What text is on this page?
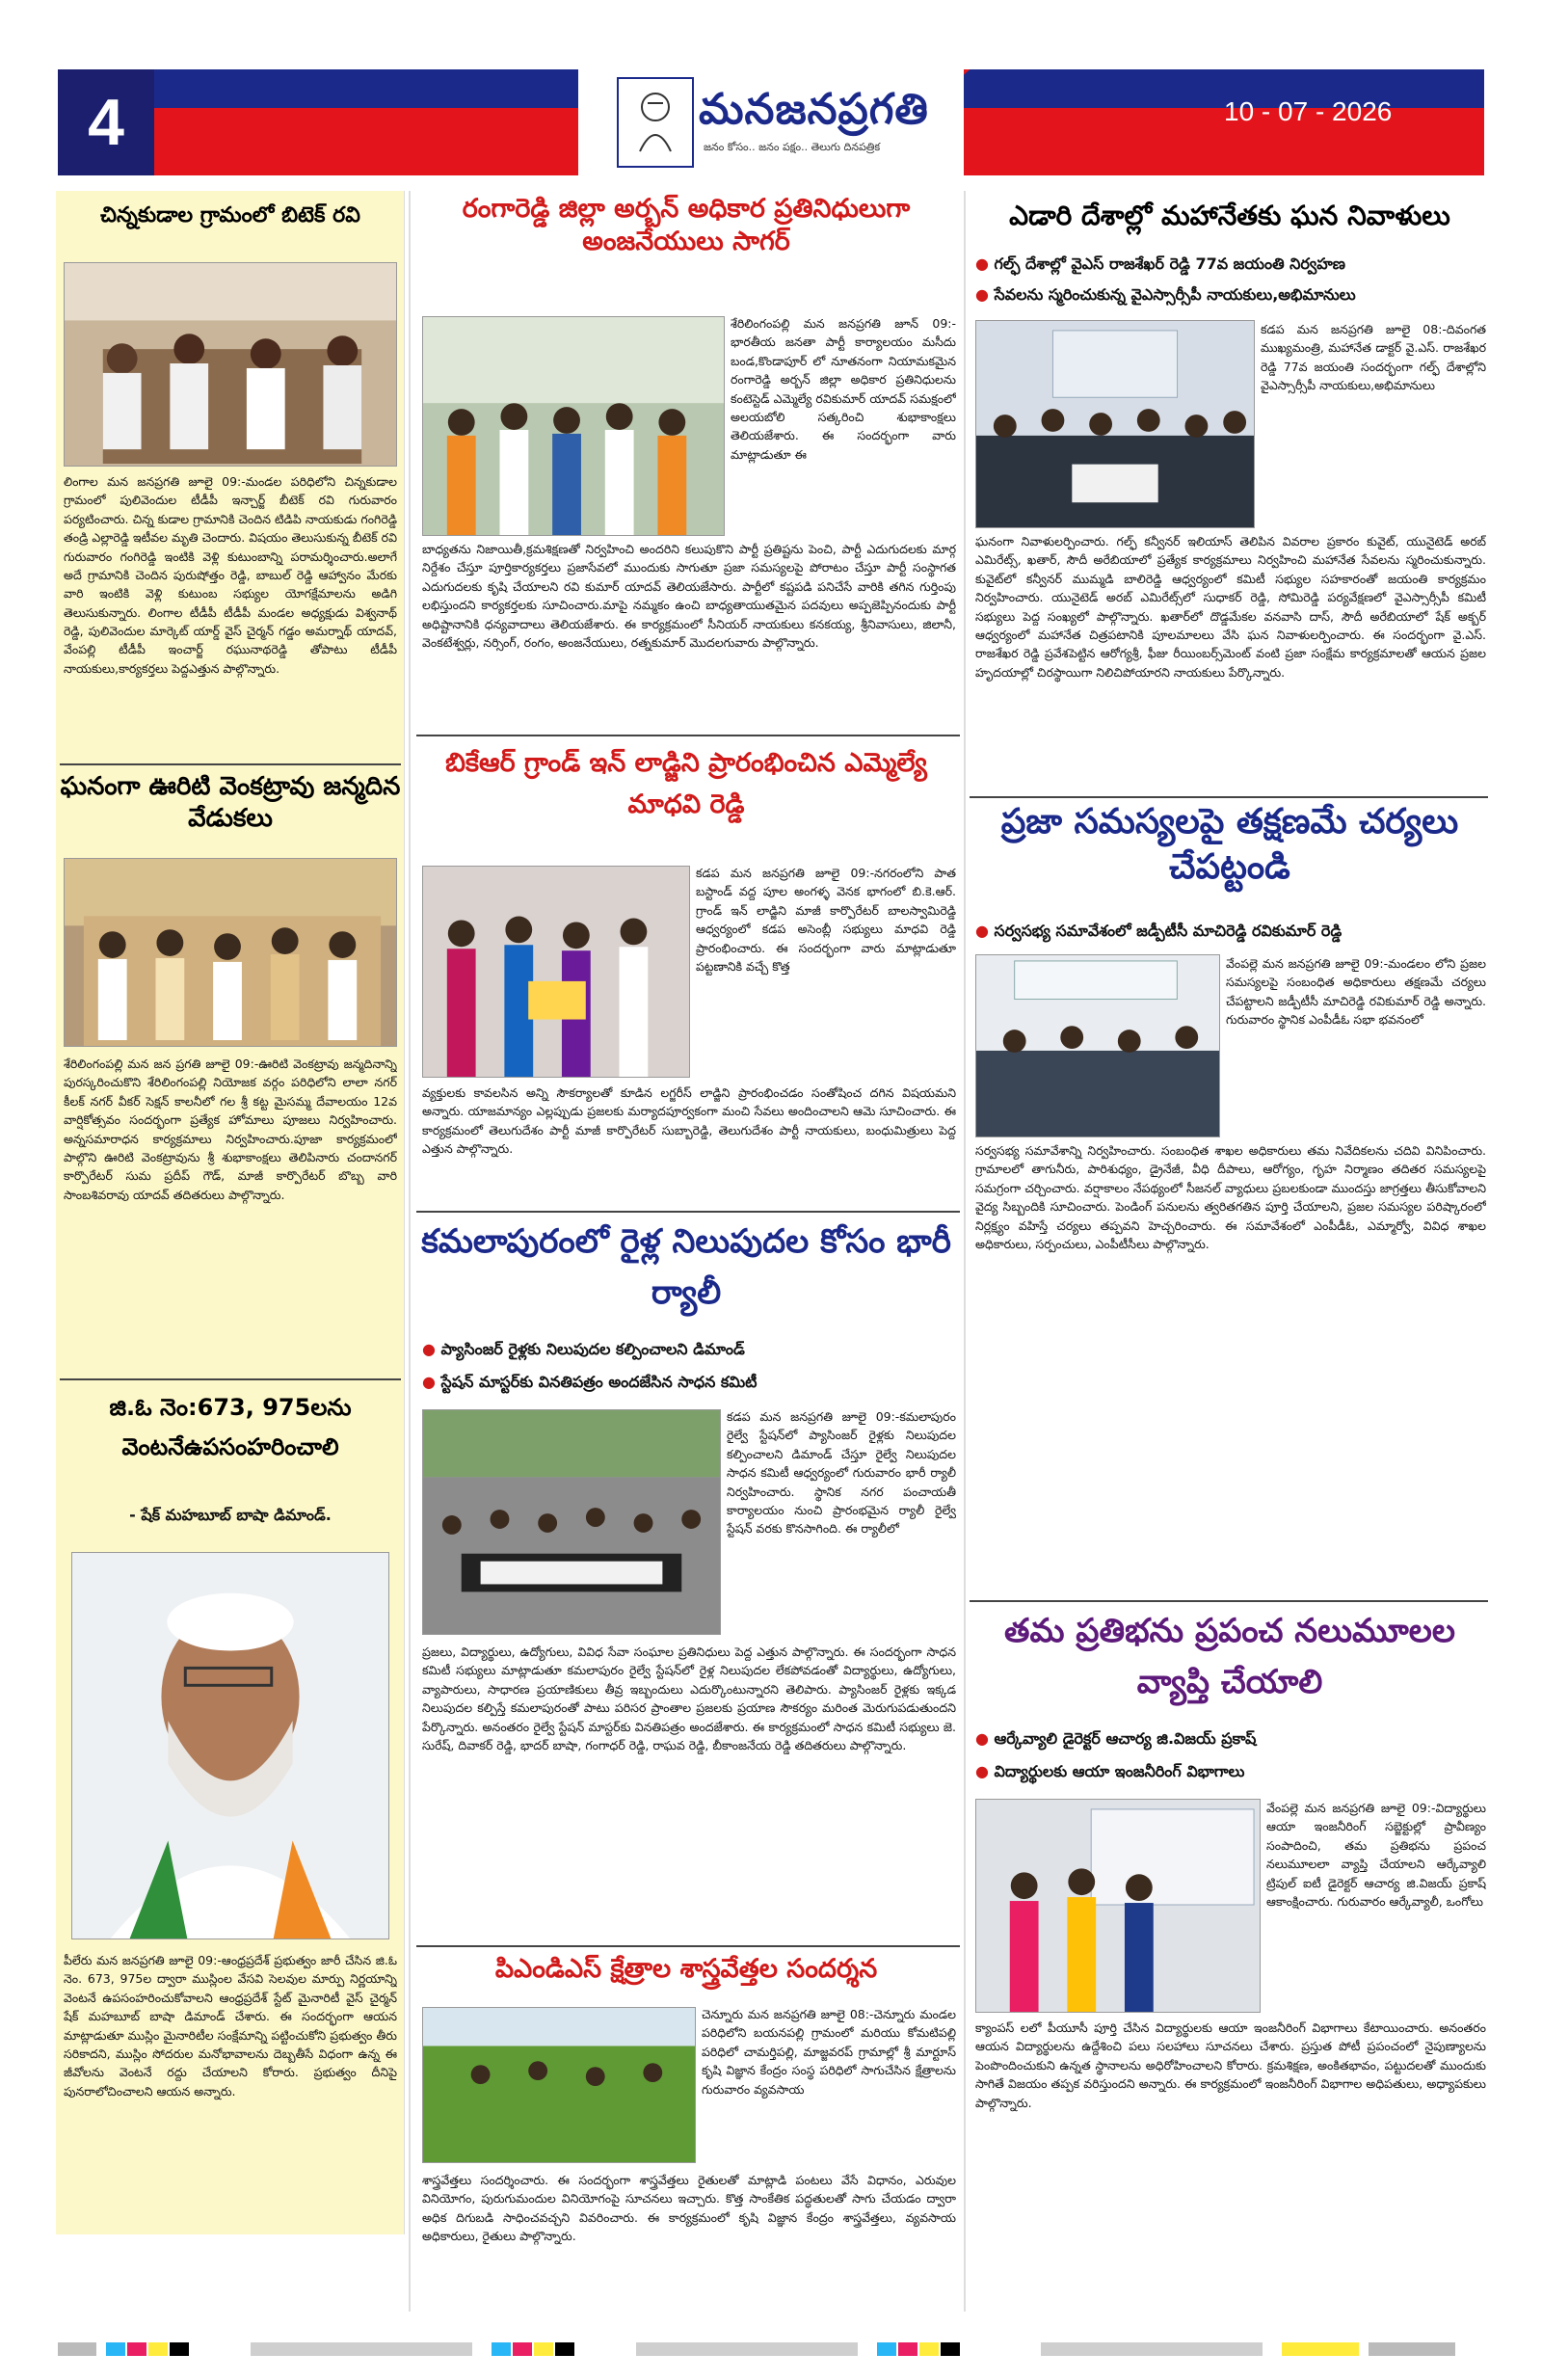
4	మనజనప్రగతి
జనం కోసం.. జనం పక్షం.. తెలుగు దినపత్రిక
10 - 07 - 2026
చిన్నకుడాల గ్రామంలో బిటెక్ రవి
లింగాల మన జనప్రగతి జూలై 09:-మండల పరిధిలోని చిన్నకుడాల గ్రామంలో పులివెందుల టీడీపీ ఇన్చార్జ్ బీటెక్ రవి గురువారం పర్యటించారు. చిన్న కుడాల గ్రామానికి చెందిన టిడిపి నాయకుడు గంగిరెడ్డి తండ్రి ఎల్లారెడ్డి ఇటీవల మృతి చెందారు. విషయం తెలుసుకున్న బీటెక్ రవి గురువారం గంగిరెడ్డి ఇంటికి వెళ్లి కుటుంబాన్ని పరామర్శించారు.అలాగే అదే గ్రామానికి చెందిన పురుషోత్తం రెడ్డి, బాబుల్ రెడ్డి ఆహ్వానం మేరకు వారి ఇంటికి వెళ్లి కుటుంబ సభ్యుల యోగక్షేమాలను అడిగి తెలుసుకున్నారు. లింగాల టీడీపీ టీడీపీ మండల అధ్యక్షుడు విశ్వనాథ్ రెడ్డి, పులివెందుల మార్కెట్ యార్డ్ వైస్ చైర్మన్ గడ్డం అమర్నాథ్ యాదవ్, వేంపల్లి టీడీపీ ఇంచార్జ్ రఘునాథరెడ్డి తోపాటు టీడీపీ నాయకులు,కార్యకర్తలు పెద్దఎత్తున పాల్గొన్నారు.
ఘనంగా ఊరిటి వెంకట్రావు జన్మదిన వేడుకలు
శేరిలింగంపల్లి మన జన ప్రగతి జూలై 09:-ఊరిటి వెంకట్రావు జన్మదినాన్ని పురస్కరించుకొని శేరిలింగంపల్లి నియోజక వర్గం పరిధిలోని లాలా నగర్ కీలక్ నగర్ వీకర్ సెక్షన్ కాలనీలో గల శ్రీ కట్ట మైసమ్మ దేవాలయం 12వ వార్షికోత్సవం సందర్భంగా ప్రత్యేక హోమాలు పూజలు నిర్వహించారు. అన్నసమారాధన కార్యక్రమాలు నిర్వహించారు.పూజా కార్యక్రమంలో పాల్గొని ఊరిటి వెంకట్రావును శ్రీ శుభాకాంక్షలు తెలిపినారు చందానగర్ కార్పొరేటర్ సుమ ప్రదీప్ గౌడ్, మాజీ కార్పొరేటర్ బొబ్బ వారి సాంబశివరావు యాదవ్ తదితరులు పాల్గొన్నారు.
జి.ఓ నెం:673, 975లను వెంటనేఉపసంహరించాలి
- షేక్ మహబూబ్ బాషా డిమాండ్.
పీలేరు మన జనప్రగతి జూలై 09:-ఆంధ్రప్రదేశ్ ప్రభుత్వం జారీ చేసిన జి.ఓ నెం. 673, 975ల ద్వారా ముస్లింల వేసవి సెలవుల మార్పు నిర్ణయాన్ని వెంటనే ఉపసంహరించుకోవాలని ఆంధ్రప్రదేశ్ స్టేట్ మైనారిటీ వైస్ చైర్మన్ షేక్ మహబూబ్ బాషా డిమాండ్ చేశారు. ఈ సందర్భంగా ఆయన మాట్లాడుతూ ముస్లిం మైనారిటీల సంక్షేమాన్ని పట్టించుకోని ప్రభుత్వం తీరు సరికాదని, ముస్లిం సోదరుల మనోభావాలను దెబ్బతీసే విధంగా ఉన్న ఈ జీవోలను వెంటనే రద్దు చేయాలని కోరారు. ప్రభుత్వం దీనిపై పునరాలోచించాలని ఆయన అన్నారు.
రంగారెడ్డి జిల్లా అర్బన్ అధికార ప్రతినిధులుగా అంజనేయులు సాగర్
శేరిలింగంపల్లి మన జనప్రగతి జూన్ 09:-భారతీయ జనతా పార్టీ కార్యాలయం మసీదు బండ,కొండాపూర్ లో నూతనంగా నియామకమైన రంగారెడ్డి అర్బన్ జిల్లా అధికార ప్రతినిధులను కంటెస్టెడ్ ఎమ్మెల్యే రవికుమార్ యాదవ్ సమక్షంలో అలయబోలి సత్కరించి శుభాకాంక్షలు తెలియజేశారు. ఈ సందర్భంగా వారు మాట్లాడుతూ ఈ
బాధ్యతను నిజాయితీ,క్రమశిక్షణతో నిర్వహించి అందరిని కలుపుకొని పార్టీ ప్రతిష్టను పెంచి, పార్టీ ఎదుగుదలకు మార్గ నిర్దేశం చేస్తూ పూర్తికార్యకర్తలు ప్రజాసేవలో ముందుకు సాగుతూ ప్రజా సమస్యలపై పోరాటం చేస్తూ పార్టీ సంస్థాగత ఎదుగుదలకు కృషి చేయాలని రవి కుమార్ యాదవ్ తెలియజేసారు. పార్టీలో కష్టపడి పనిచేసే వారికి తగిన గుర్తింపు లభిస్తుందని కార్యకర్తలకు సూచించారు.మాపై నమ్మకం ఉంచి బాధ్యతాయుతమైన పదవులు అప్పజెప్పినందుకు పార్టీ అధిష్టానానికి ధన్యవాదాలు తెలియజేశారు. ఈ కార్యక్రమంలో సీనియర్ నాయకులు కనకయ్య, శ్రీనివాసులు, జిలానీ, వెంకటేశ్వర్లు, నర్సింగ్, రంగం, అంజనేయులు, రత్నకుమార్ మొదలగువారు పాల్గొన్నారు.
బికేఆర్ గ్రాండ్ ఇన్ లాడ్జిని ప్రారంభించిన ఎమ్మెల్యే మాధవి రెడ్డి
కడప మన జనప్రగతి జూలై 09:-నగరంలోని పాత బస్టాండ్ వద్ద పూల అంగళ్ళ వెనక భాగంలో బి.కె.ఆర్. గ్రాండ్ ఇన్ లాడ్జిని మాజీ కార్పొరేటర్ బాలస్వామిరెడ్డి ఆధ్వర్యంలో కడప అసెంబ్లీ సభ్యులు మాధవి రెడ్డి ప్రారంభించారు. ఈ సందర్భంగా వారు మాట్లాడుతూ పట్టణానికి వచ్చే కొత్త
వ్యక్తులకు కావలసిన అన్ని సౌకర్యాలతో కూడిన లగ్జరీస్ లాడ్జిని ప్రారంభించడం సంతోషించ దగిన విషయమని అన్నారు. యాజమాన్యం ఎల్లప్పుడు ప్రజలకు మర్యాదపూర్వకంగా మంచి సేవలు అందించాలని ఆమె సూచించారు. ఈ కార్యక్రమంలో తెలుగుదేశం పార్టీ మాజీ కార్పొరేటర్ సుబ్బారెడ్డి, తెలుగుదేశం పార్టీ నాయకులు, బంధుమిత్రులు పెద్ద ఎత్తున పాల్గొన్నారు.
కమలాపురంలో రైళ్ల నిలుపుదల కోసం భారీ ర్యాలీ
● ప్యాసింజర్ రైళ్లకు నిలుపుదల కల్పించాలని డిమాండ్
● స్టేషన్ మాస్టర్‌కు వినతిపత్రం అందజేసిన సాధన కమిటీ
కడప మన జనప్రగతి జూలై 09:-కమలాపురం రైల్వే స్టేషన్‌లో ప్యాసింజర్ రైళ్లకు నిలుపుదల కల్పించాలని డిమాండ్ చేస్తూ రైల్వే నిలుపుదల సాధన కమిటీ ఆధ్వర్యంలో గురువారం భారీ ర్యాలీ నిర్వహించారు. స్థానిక నగర పంచాయతీ కార్యాలయం నుంచి ప్రారంభమైన ర్యాలీ రైల్వే స్టేషన్ వరకు కొనసాగింది. ఈ ర్యాలీలో
ప్రజలు, విద్యార్థులు, ఉద్యోగులు, వివిధ సేవా సంఘాల ప్రతినిధులు పెద్ద ఎత్తున పాల్గొన్నారు. ఈ సందర్భంగా సాధన కమిటీ సభ్యులు మాట్లాడుతూ కమలాపురం రైల్వే స్టేషన్‌లో రైళ్ల నిలుపుదల లేకపోవడంతో విద్యార్థులు, ఉద్యోగులు, వ్యాపారులు, సాధారణ ప్రయాణికులు తీవ్ర ఇబ్బందులు ఎదుర్కొంటున్నారని తెలిపారు. ప్యాసింజర్ రైళ్లకు ఇక్కడ నిలుపుదల కల్పిస్తే కమలాపురంతో పాటు పరిసర ప్రాంతాల ప్రజలకు ప్రయాణ సౌకర్యం మరింత మెరుగుపడుతుందని పేర్కొన్నారు. అనంతరం రైల్వే స్టేషన్ మాస్టర్‌కు వినతిపత్రం అందజేశారు. ఈ కార్యక్రమంలో సాధన కమిటీ సభ్యులు జె. సురేష్, దివాకర్ రెడ్డి, భాదర్ బాషా, గంగాధర్ రెడ్డి, రాఘవ రెడ్డి, బీకాంజనేయ రెడ్డి తదితరులు పాల్గొన్నారు.
పిఎండిఎస్ క్షేత్రాల శాస్త్రవేత్తల సందర్శన
చెన్నూరు మన జనప్రగతి జూలై 08:-చెన్నూరు మండల పరిధిలోని బయనపల్లి గ్రామంలో మరియు కోమటిపల్లి పరిధిలో చామర్తిపల్లి, మాజ్జవరప్ గ్రామాల్లో శ్రీ మార్టూస్ కృషి విజ్ఞాన కేంద్రం సంస్థ పరిధిలో సాగుచేసిన క్షేత్రాలను గురువారం వ్యవసాయ
శాస్త్రవేత్తలు సందర్శించారు. ఈ సందర్భంగా శాస్త్రవేత్తలు రైతులతో మాట్లాడి పంటలు వేసే విధానం, ఎరువుల వినియోగం, పురుగుమందుల వినియోగంపై సూచనలు ఇచ్చారు. కొత్త సాంకేతిక పద్ధతులతో సాగు చేయడం ద్వారా అధిక దిగుబడి సాధించవచ్చని వివరించారు. ఈ కార్యక్రమంలో కృషి విజ్ఞాన కేంద్రం శాస్త్రవేత్తలు, వ్యవసాయ అధికారులు, రైతులు పాల్గొన్నారు.
ఎడారి దేశాల్లో మహానేతకు ఘన నివాళులు
● గల్ఫ్ దేశాల్లో వైఎస్ రాజశేఖర్ రెడ్డి 77వ జయంతి నిర్వహణ
● సేవలను స్మరించుకున్న వైఎస్సార్సీపీ నాయకులు,అభిమానులు
కడప మన జనప్రగతి జూలై 08:-దివంగత ముఖ్యమంత్రి, మహానేత డాక్టర్ వై.ఎస్. రాజశేఖర రెడ్డి 77వ జయంతి సందర్భంగా గల్ఫ్ దేశాల్లోని వైఎస్సార్సీపీ నాయకులు,అభిమానులు
ఘనంగా నివాళులర్పించారు. గల్ఫ్ కన్వీనర్ ఇలియాస్ తెలిపిన వివరాల ప్రకారం కువైట్, యునైటెడ్ అరబ్ ఎమిరేట్స్, ఖతార్, సౌదీ అరేబియాలో ప్రత్యేక కార్యక్రమాలు నిర్వహించి మహానేత సేవలను స్మరించుకున్నారు. కువైట్‌లో కన్వీనర్ ముమ్మడి బాలిరెడ్డి ఆధ్వర్యంలో కమిటీ సభ్యుల సహకారంతో జయంతి కార్యక్రమం నిర్వహించారు. యునైటెడ్ అరబ్ ఎమిరేట్స్‌లో సుధాకర్ రెడ్డి, సోమిరెడ్డి పర్యవేక్షణలో వైఎస్సార్సీపీ కమిటీ సభ్యులు పెద్ద సంఖ్యలో పాల్గొన్నారు. ఖతార్‌లో దొడ్డమేకల వనవాసి దాస్, సౌదీ అరేబియాలో షేక్ అక్బర్ ఆధ్వర్యంలో మహానేత చిత్రపటానికి పూలమాలలు వేసి ఘన నివాళులర్పించారు. ఈ సందర్భంగా వై.ఎస్. రాజశేఖర రెడ్డి ప్రవేశపెట్టిన ఆరోగ్యశ్రీ, ఫీజు రీయింబర్స్‌మెంట్ వంటి ప్రజా సంక్షేమ కార్యక్రమాలతో ఆయన ప్రజల హృదయాల్లో చిరస్థాయిగా నిలిచిపోయారని నాయకులు పేర్కొన్నారు.
ప్రజా సమస్యలపై తక్షణమే చర్యలు చేపట్టండి
● సర్వసభ్య సమావేశంలో జడ్పీటీసీ మాచిరెడ్డి రవికుమార్ రెడ్డి
వేంపల్లె మన జనప్రగతి జూలై 09:-మండలం లోని ప్రజల సమస్యలపై సంబంధిత అధికారులు తక్షణమే చర్యలు చేపట్టాలని జడ్పీటీసీ మాచిరెడ్డి రవికుమార్ రెడ్డి అన్నారు. గురువారం స్థానిక ఎంపీడీఓ సభా భవనంలో
సర్వసభ్య సమావేశాన్ని నిర్వహించారు. సంబంధిత శాఖల అధికారులు తమ నివేదికలను చదివి వినిపించారు. గ్రామాలలో తాగునీరు, పారిశుధ్యం, డ్రైనేజీ, వీధి దీపాలు, ఆరోగ్యం, గృహ నిర్మాణం తదితర సమస్యలపై సమగ్రంగా చర్చించారు. వర్షాకాలం నేపథ్యంలో సీజనల్ వ్యాధులు ప్రబలకుండా ముందస్తు జాగ్రత్తలు తీసుకోవాలని వైద్య సిబ్బందికి సూచించారు. పెండింగ్ పనులను త్వరితగతిన పూర్తి చేయాలని, ప్రజల సమస్యల పరిష్కారంలో నిర్లక్ష్యం వహిస్తే చర్యలు తప్పవని హెచ్చరించారు. ఈ సమావేశంలో ఎంపీడీఓ, ఎమ్మార్వో, వివిధ శాఖల అధికారులు, సర్పంచులు, ఎంపీటీసీలు పాల్గొన్నారు.
తమ ప్రతిభను ప్రపంచ నలుమూలల వ్యాప్తి చేయాలి
● ఆర్కేవ్యాలి డైరెక్టర్ ఆచార్య జి.విజయ్ ప్రకాష్
● విద్యార్థులకు ఆయా ఇంజనీరింగ్ విభాగాలు
వేంపల్లె మన జనప్రగతి జూలై 09:-విద్యార్థులు ఆయా ఇంజనీరింగ్ సబ్జెక్టుల్లో ప్రావీణ్యం సంపాదించి, తమ ప్రతిభను ప్రపంచ నలుమూలలా వ్యాప్తి చేయాలని ఆర్కేవ్యాలి ట్రిపుల్ ఐటీ డైరెక్టర్ ఆచార్య జి.విజయ్ ప్రకాష్ ఆకాంక్షించారు. గురువారం ఆర్కేవ్యాలీ, ఒంగోలు
క్యాంపస్ లలో పీయూసీ పూర్తి చేసిన విద్యార్థులకు ఆయా ఇంజనీరింగ్ విభాగాలు కేటాయించారు. అనంతరం ఆయన విద్యార్థులను ఉద్దేశించి పలు సలహాలు సూచనలు చేశారు. ప్రస్తుత పోటీ ప్రపంచంలో నైపుణ్యాలను పెంపొందించుకుని ఉన్నత స్థానాలను అధిరోహించాలని కోరారు. క్రమశిక్షణ, అంకితభావం, పట్టుదలతో ముందుకు సాగితే విజయం తప్పక వరిస్తుందని అన్నారు. ఈ కార్యక్రమంలో ఇంజనీరింగ్ విభాగాల అధిపతులు, అధ్యాపకులు పాల్గొన్నారు.
